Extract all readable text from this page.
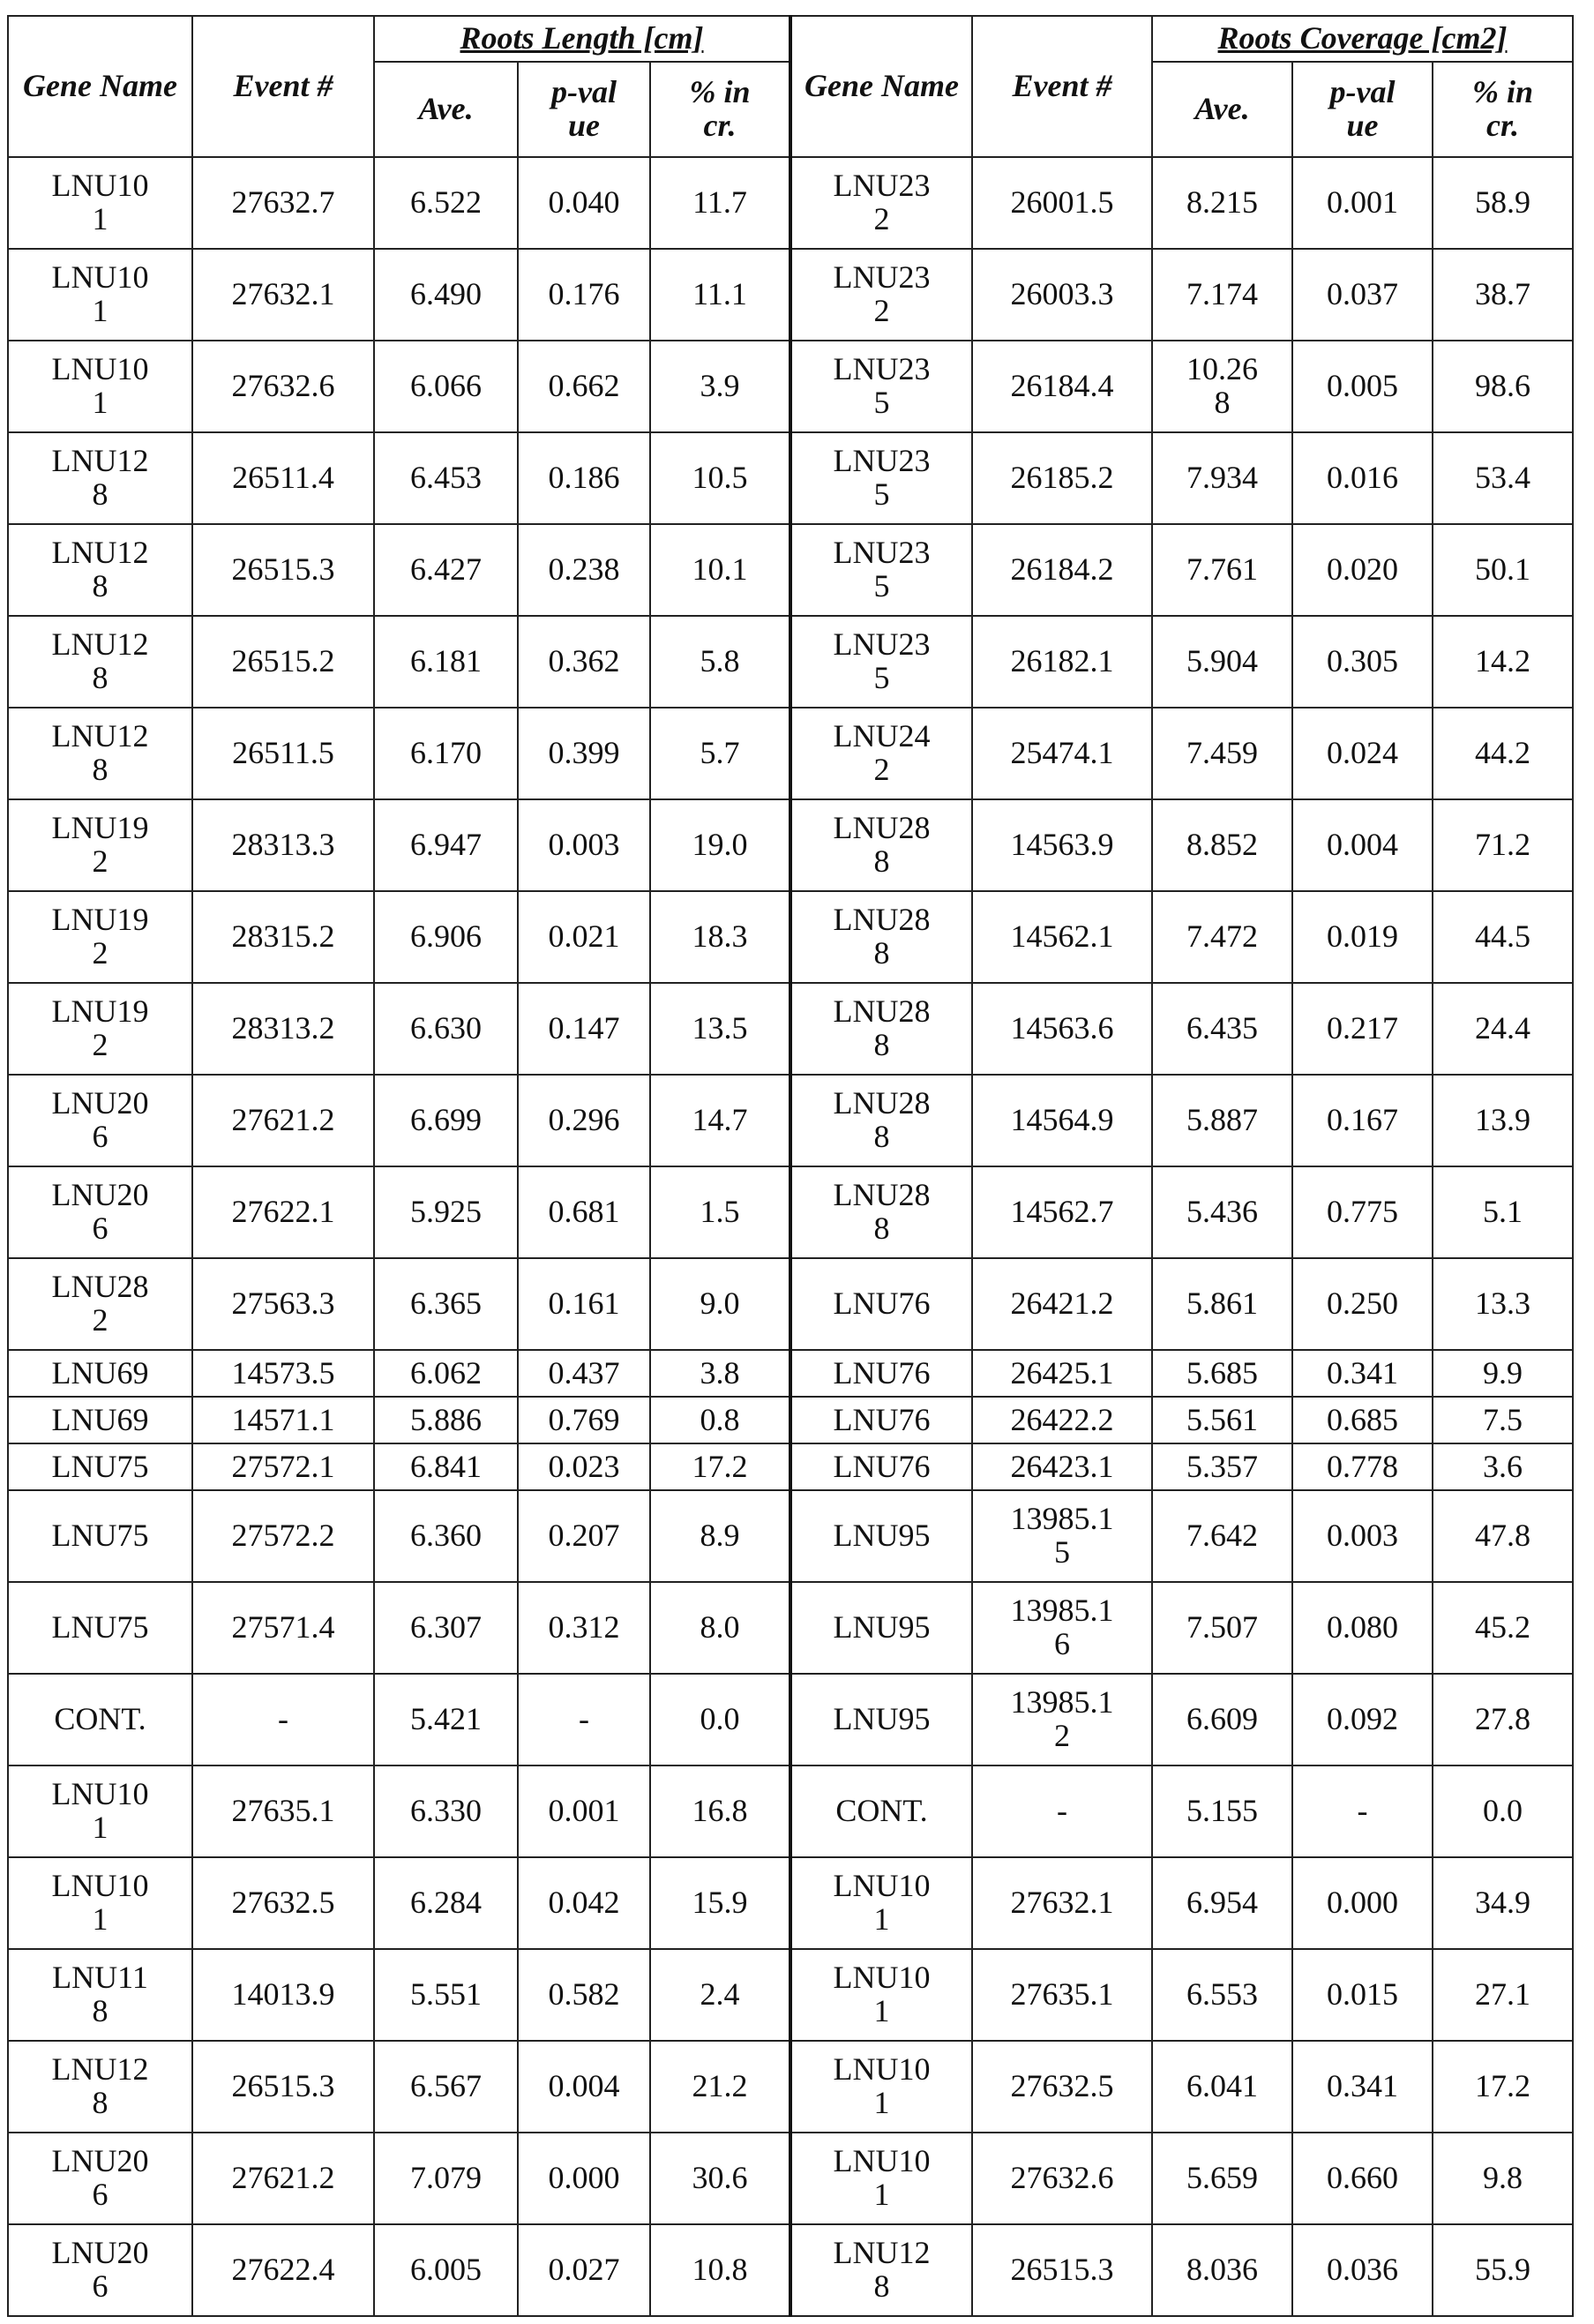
Gene Name	Event #	Roots Length [cm]	Gene Name	Event #	Roots Coverage [cm2]
Ave.	p-value	% incr.	Ave.	p-value	% incr.
LNU101	27632.7	6.522	0.040	11.7	LNU232	26001.5	8.215	0.001	58.9
LNU101	27632.1	6.490	0.176	11.1	LNU232	26003.3	7.174	0.037	38.7
LNU101	27632.6	6.066	0.662	3.9	LNU235	26184.4	10.268	0.005	98.6
LNU128	26511.4	6.453	0.186	10.5	LNU235	26185.2	7.934	0.016	53.4
LNU128	26515.3	6.427	0.238	10.1	LNU235	26184.2	7.761	0.020	50.1
LNU128	26515.2	6.181	0.362	5.8	LNU235	26182.1	5.904	0.305	14.2
LNU128	26511.5	6.170	0.399	5.7	LNU242	25474.1	7.459	0.024	44.2
LNU192	28313.3	6.947	0.003	19.0	LNU288	14563.9	8.852	0.004	71.2
LNU192	28315.2	6.906	0.021	18.3	LNU288	14562.1	7.472	0.019	44.5
LNU192	28313.2	6.630	0.147	13.5	LNU288	14563.6	6.435	0.217	24.4
LNU206	27621.2	6.699	0.296	14.7	LNU288	14564.9	5.887	0.167	13.9
LNU206	27622.1	5.925	0.681	1.5	LNU288	14562.7	5.436	0.775	5.1
LNU282	27563.3	6.365	0.161	9.0	LNU76	26421.2	5.861	0.250	13.3
LNU69	14573.5	6.062	0.437	3.8	LNU76	26425.1	5.685	0.341	9.9
LNU69	14571.1	5.886	0.769	0.8	LNU76	26422.2	5.561	0.685	7.5
LNU75	27572.1	6.841	0.023	17.2	LNU76	26423.1	5.357	0.778	3.6
LNU75	27572.2	6.360	0.207	8.9	LNU95	13985.15	7.642	0.003	47.8
LNU75	27571.4	6.307	0.312	8.0	LNU95	13985.16	7.507	0.080	45.2
CONT.	-	5.421	-	0.0	LNU95	13985.12	6.609	0.092	27.8
LNU101	27635.1	6.330	0.001	16.8	CONT.	-	5.155	-	0.0
LNU101	27632.5	6.284	0.042	15.9	LNU101	27632.1	6.954	0.000	34.9
LNU118	14013.9	5.551	0.582	2.4	LNU101	27635.1	6.553	0.015	27.1
LNU128	26515.3	6.567	0.004	21.2	LNU101	27632.5	6.041	0.341	17.2
LNU206	27621.2	7.079	0.000	30.6	LNU101	27632.6	5.659	0.660	9.8
LNU206	27622.4	6.005	0.027	10.8	LNU128	26515.3	8.036	0.036	55.9
